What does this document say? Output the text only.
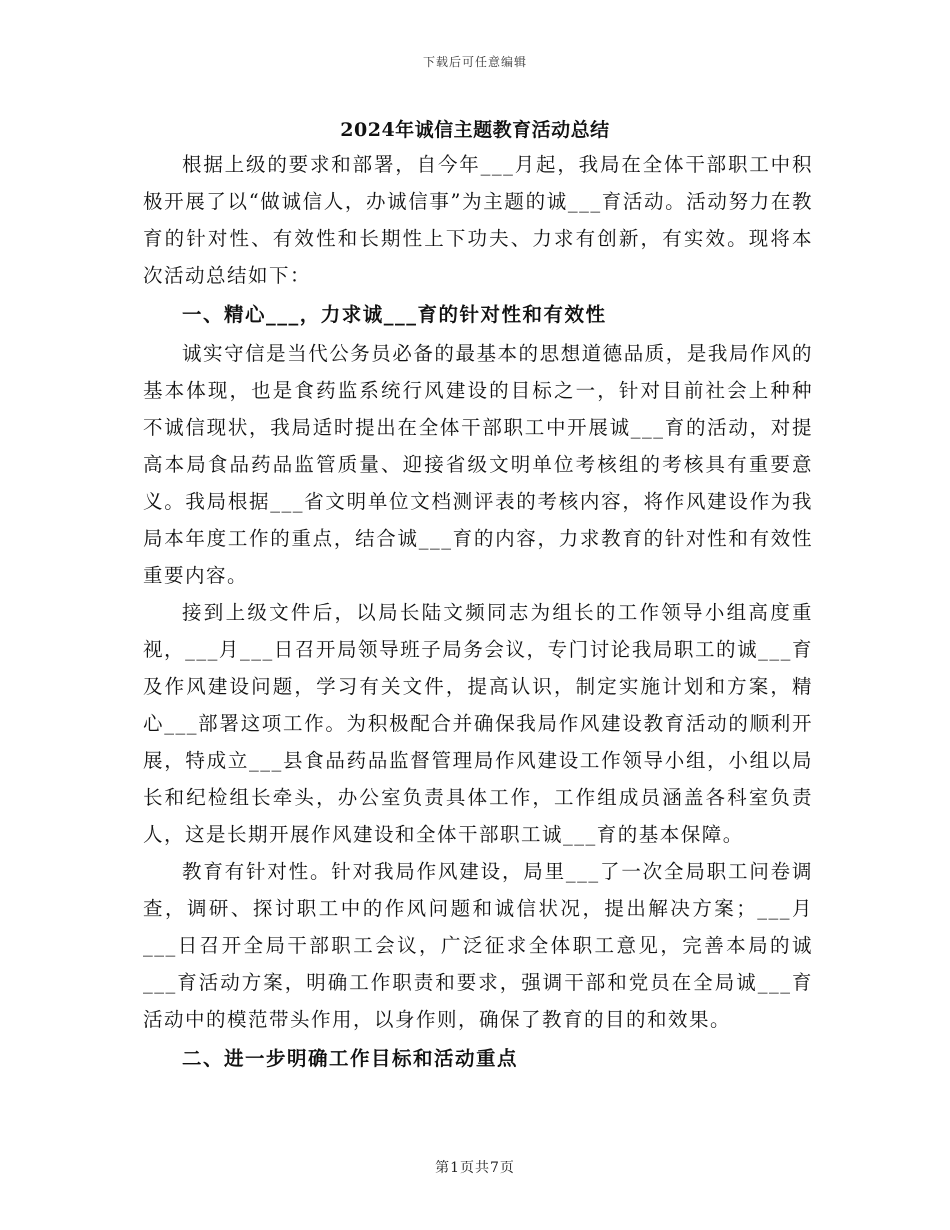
下载后可任意编辑
2024年诚信主题教育活动总结

根据上级的要求和部署，自今年___月起，我局在全体干部职工中积极开展了以“做诚信人，办诚信事”为主题的诚___育活动。活动努力在教育的针对性、有效性和长期性上下功夫、力求有创新，有实效。现将本次活动总结如下：

一、精心___，力求诚___育的针对性和有效性

诚实守信是当代公务员必备的最基本的思想道德品质，是我局作风的基本体现，也是食药监系统行风建设的目标之一，针对目前社会上种种不诚信现状，我局适时提出在全体干部职工中开展诚___育的活动，对提高本局食品药品监管质量、迎接省级文明单位考核组的考核具有重要意义。我局根据___省文明单位文档测评表的考核内容，将作风建设作为我局本年度工作的重点，结合诚___育的内容，力求教育的针对性和有效性重要内容。

接到上级文件后，以局长陆文频同志为组长的工作领导小组高度重视，___月___日召开局领导班子局务会议，专门讨论我局职工的诚___育及作风建设问题，学习有关文件，提高认识，制定实施计划和方案，精心___部署这项工作。为积极配合并确保我局作风建设教育活动的顺利开展，特成立___县食品药品监督管理局作风建设工作领导小组，小组以局长和纪检组长牵头，办公室负责具体工作，工作组成员涵盖各科室负责人，这是长期开展作风建设和全体干部职工诚___育的基本保障。

教育有针对性。针对我局作风建设，局里___了一次全局职工问卷调查，调研、探讨职工中的作风问题和诚信状况，提出解决方案；___月___日召开全局干部职工会议，广泛征求全体职工意见，完善本局的诚___育活动方案，明确工作职责和要求，强调干部和党员在全局诚___育活动中的模范带头作用，以身作则，确保了教育的目的和效果。

二、进一步明确工作目标和活动重点

第1页共7页
